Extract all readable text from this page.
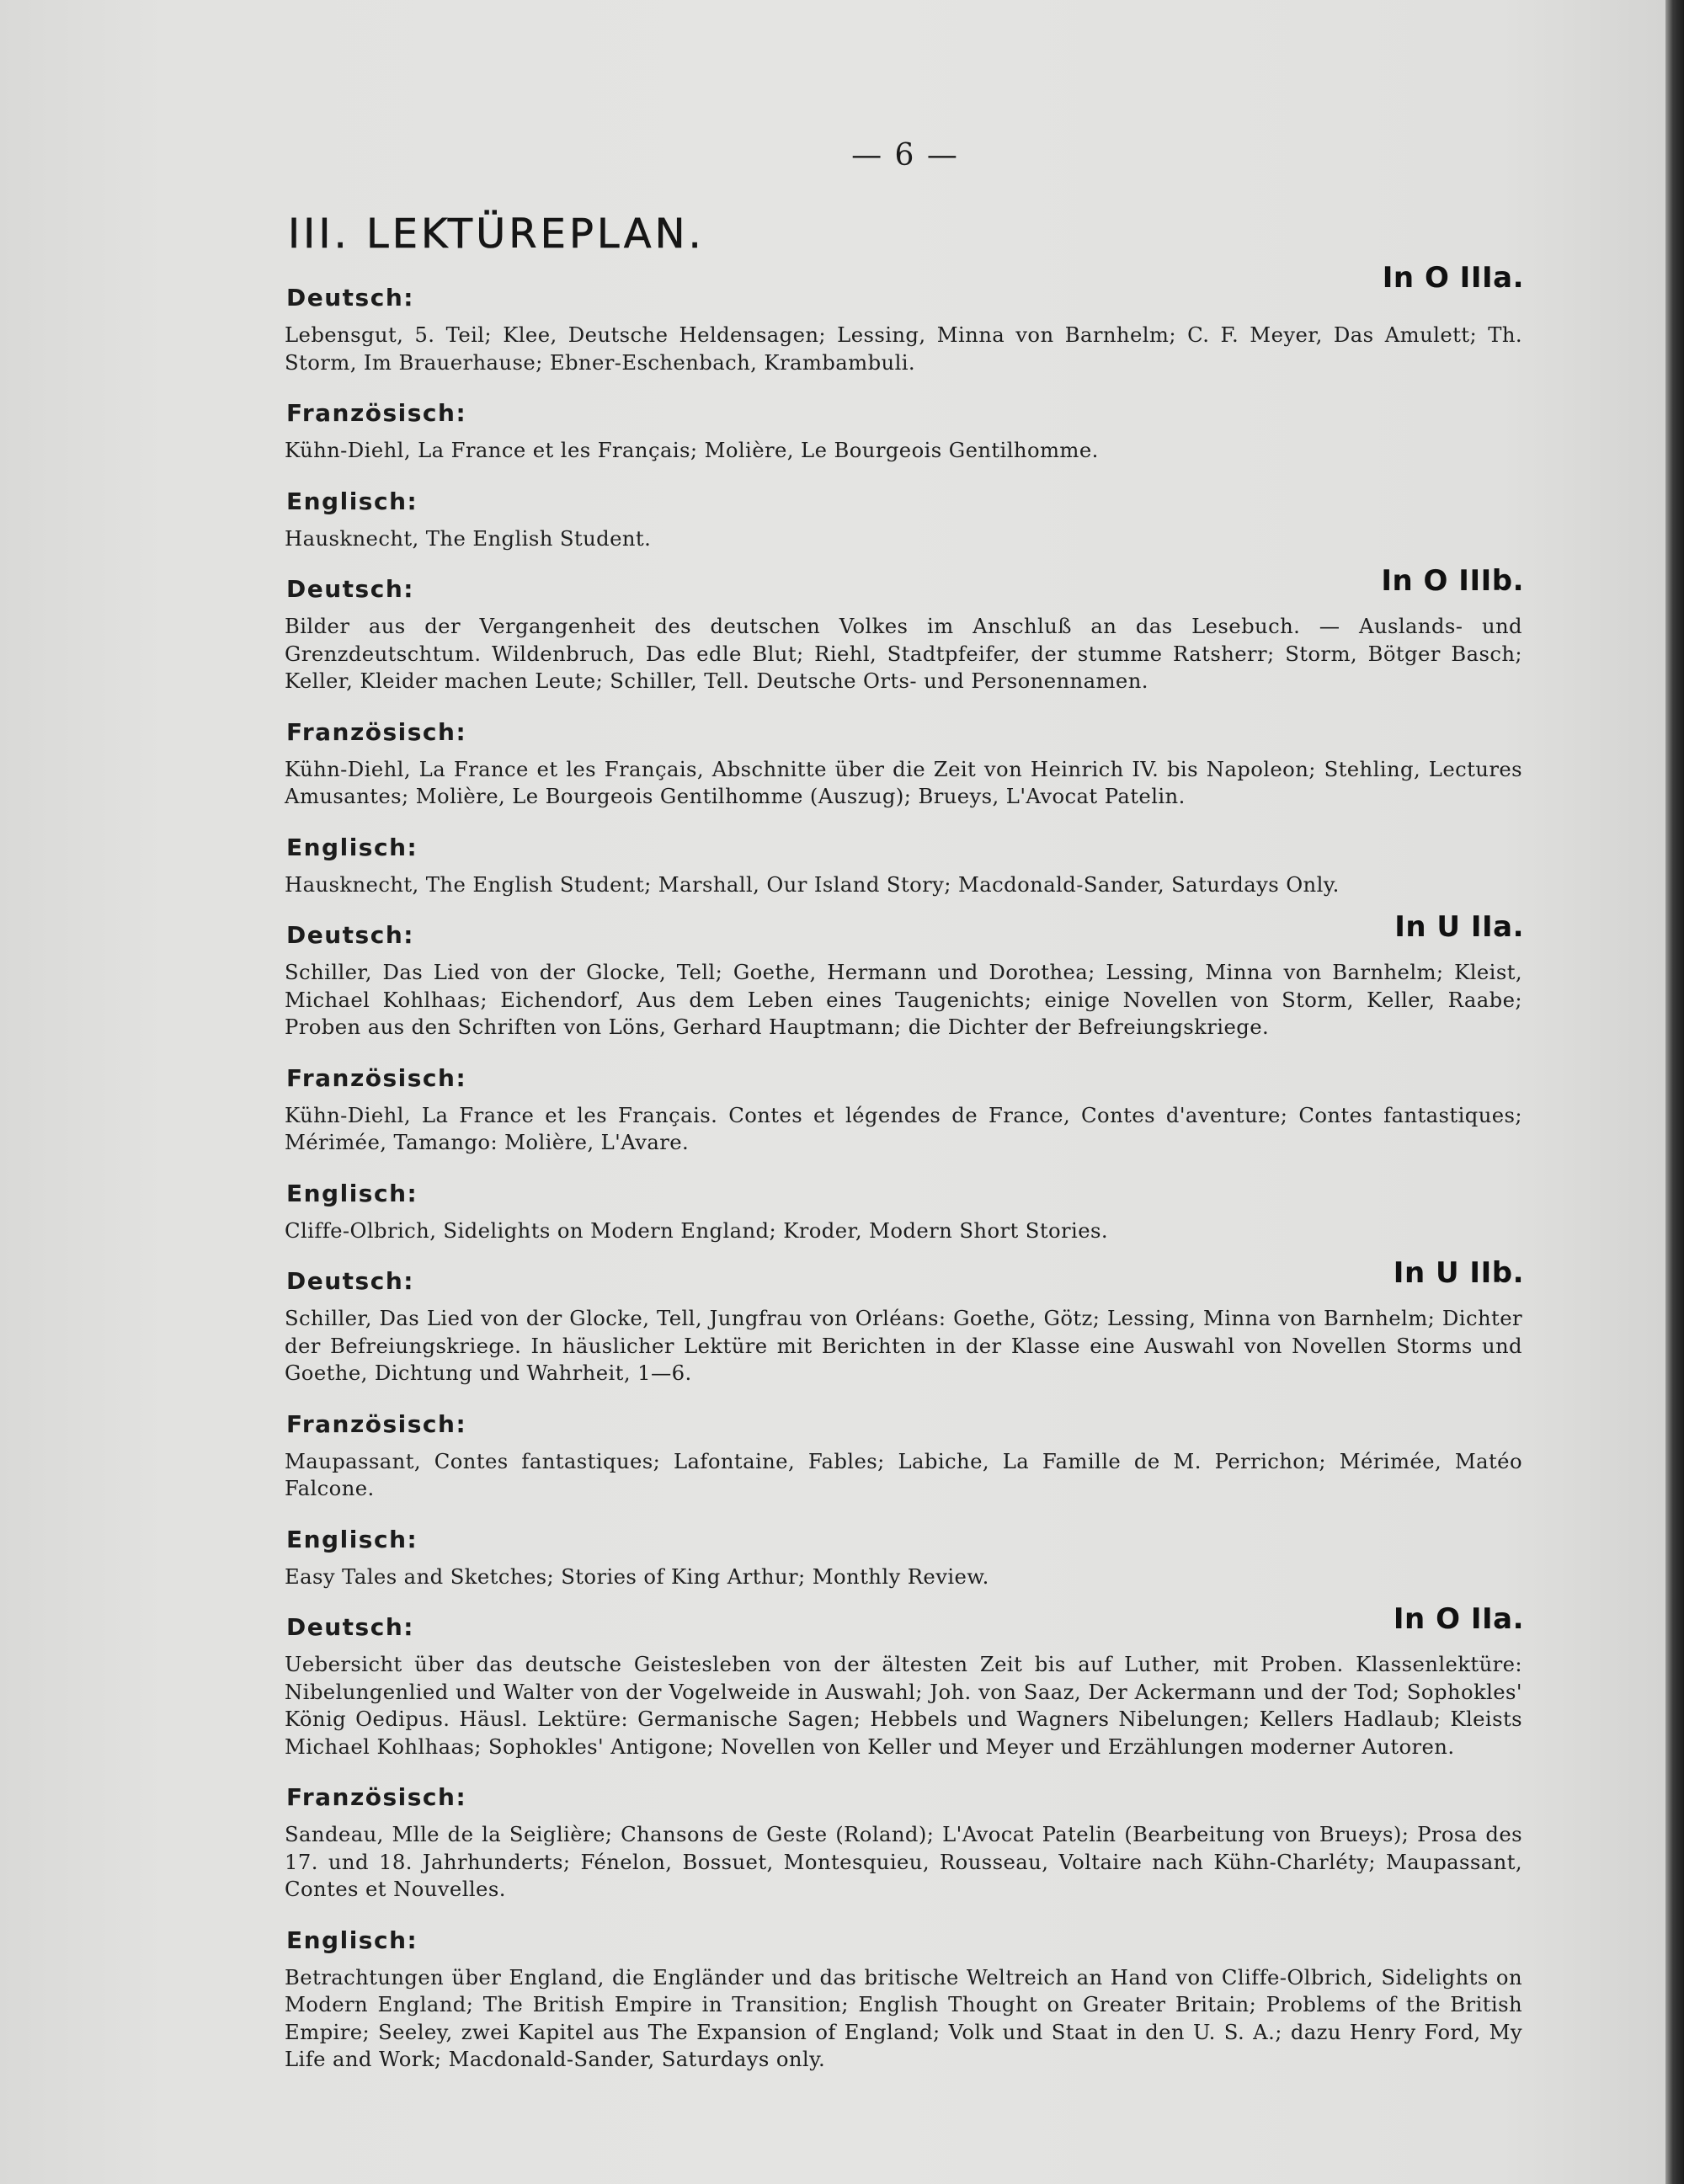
— 6 —
III. LEKTÜREPLAN.
In O IIIa.
Deutsch:

Lebensgut, 5. Teil; Klee, Deutsche Heldensagen; Lessing, Minna von Barnhelm; C. F. Meyer, Das Amulett; Th. Storm, Im Brauerhause; Ebner-Eschenbach, Krambambuli.

Französisch:

Kühn-Diehl, La France et les Français; Molière, Le Bourgeois Gentilhomme.

Englisch:

Hausknecht, The English Student.

In O IIIb.
Deutsch:

Bilder aus der Vergangenheit des deutschen Volkes im Anschluß an das Lesebuch. — Auslands- und Grenzdeutschtum. Wildenbruch, Das edle Blut; Riehl, Stadtpfeifer, der stumme Ratsherr; Storm, Bötger Basch; Keller, Kleider machen Leute; Schiller, Tell. Deutsche Orts- und Personennamen.

Französisch:

Kühn-Diehl, La France et les Français, Abschnitte über die Zeit von Heinrich IV. bis Napoleon; Stehling, Lectures Amusantes; Molière, Le Bourgeois Gentilhomme (Auszug); Brueys, L'Avocat Patelin.

Englisch:

Hausknecht, The English Student; Marshall, Our Island Story; Macdonald-Sander, Saturdays Only.

In U IIa.
Deutsch:

Schiller, Das Lied von der Glocke, Tell; Goethe, Hermann und Dorothea; Lessing, Minna von Barnhelm; Kleist, Michael Kohlhaas; Eichendorf, Aus dem Leben eines Taugenichts; einige Novellen von Storm, Keller, Raabe; Proben aus den Schriften von Löns, Gerhard Hauptmann; die Dichter der Befreiungskriege.

Französisch:

Kühn-Diehl, La France et les Français. Contes et légendes de France, Contes d'aventure; Contes fantastiques; Mérimée, Tamango: Molière, L'Avare.

Englisch:

Cliffe-Olbrich, Sidelights on Modern England; Kroder, Modern Short Stories.

In U IIb.
Deutsch:

Schiller, Das Lied von der Glocke, Tell, Jungfrau von Orléans: Goethe, Götz; Lessing, Minna von Barnhelm; Dichter der Befreiungskriege. In häuslicher Lektüre mit Berichten in der Klasse eine Auswahl von Novellen Storms und Goethe, Dichtung und Wahrheit, 1—6.

Französisch:

Maupassant, Contes fantastiques; Lafontaine, Fables; Labiche, La Famille de M. Perrichon; Mérimée, Matéo Falcone.

Englisch:

Easy Tales and Sketches; Stories of King Arthur; Monthly Review.

In O IIa.
Deutsch:

Uebersicht über das deutsche Geistesleben von der ältesten Zeit bis auf Luther, mit Proben. Klassenlektüre: Nibelungenlied und Walter von der Vogelweide in Auswahl; Joh. von Saaz, Der Ackermann und der Tod; Sophokles' König Oedipus. Häusl. Lektüre: Germanische Sagen; Hebbels und Wagners Nibelungen; Kellers Hadlaub; Kleists Michael Kohlhaas; Sophokles' Antigone; Novellen von Keller und Meyer und Erzählungen moderner Autoren.

Französisch:

Sandeau, Mlle de la Seiglière; Chansons de Geste (Roland); L'Avocat Patelin (Bearbeitung von Brueys); Prosa des 17. und 18. Jahrhunderts; Fénelon, Bossuet, Montesquieu, Rousseau, Voltaire nach Kühn-Charléty; Maupassant, Contes et Nouvelles.

Englisch:

Betrachtungen über England, die Engländer und das britische Weltreich an Hand von Cliffe-Olbrich, Sidelights on Modern England; The British Empire in Transition; English Thought on Greater Britain; Problems of the British Empire; Seeley, zwei Kapitel aus The Expansion of England; Volk und Staat in den U. S. A.; dazu Henry Ford, My Life and Work; Macdonald-Sander, Saturdays only.
